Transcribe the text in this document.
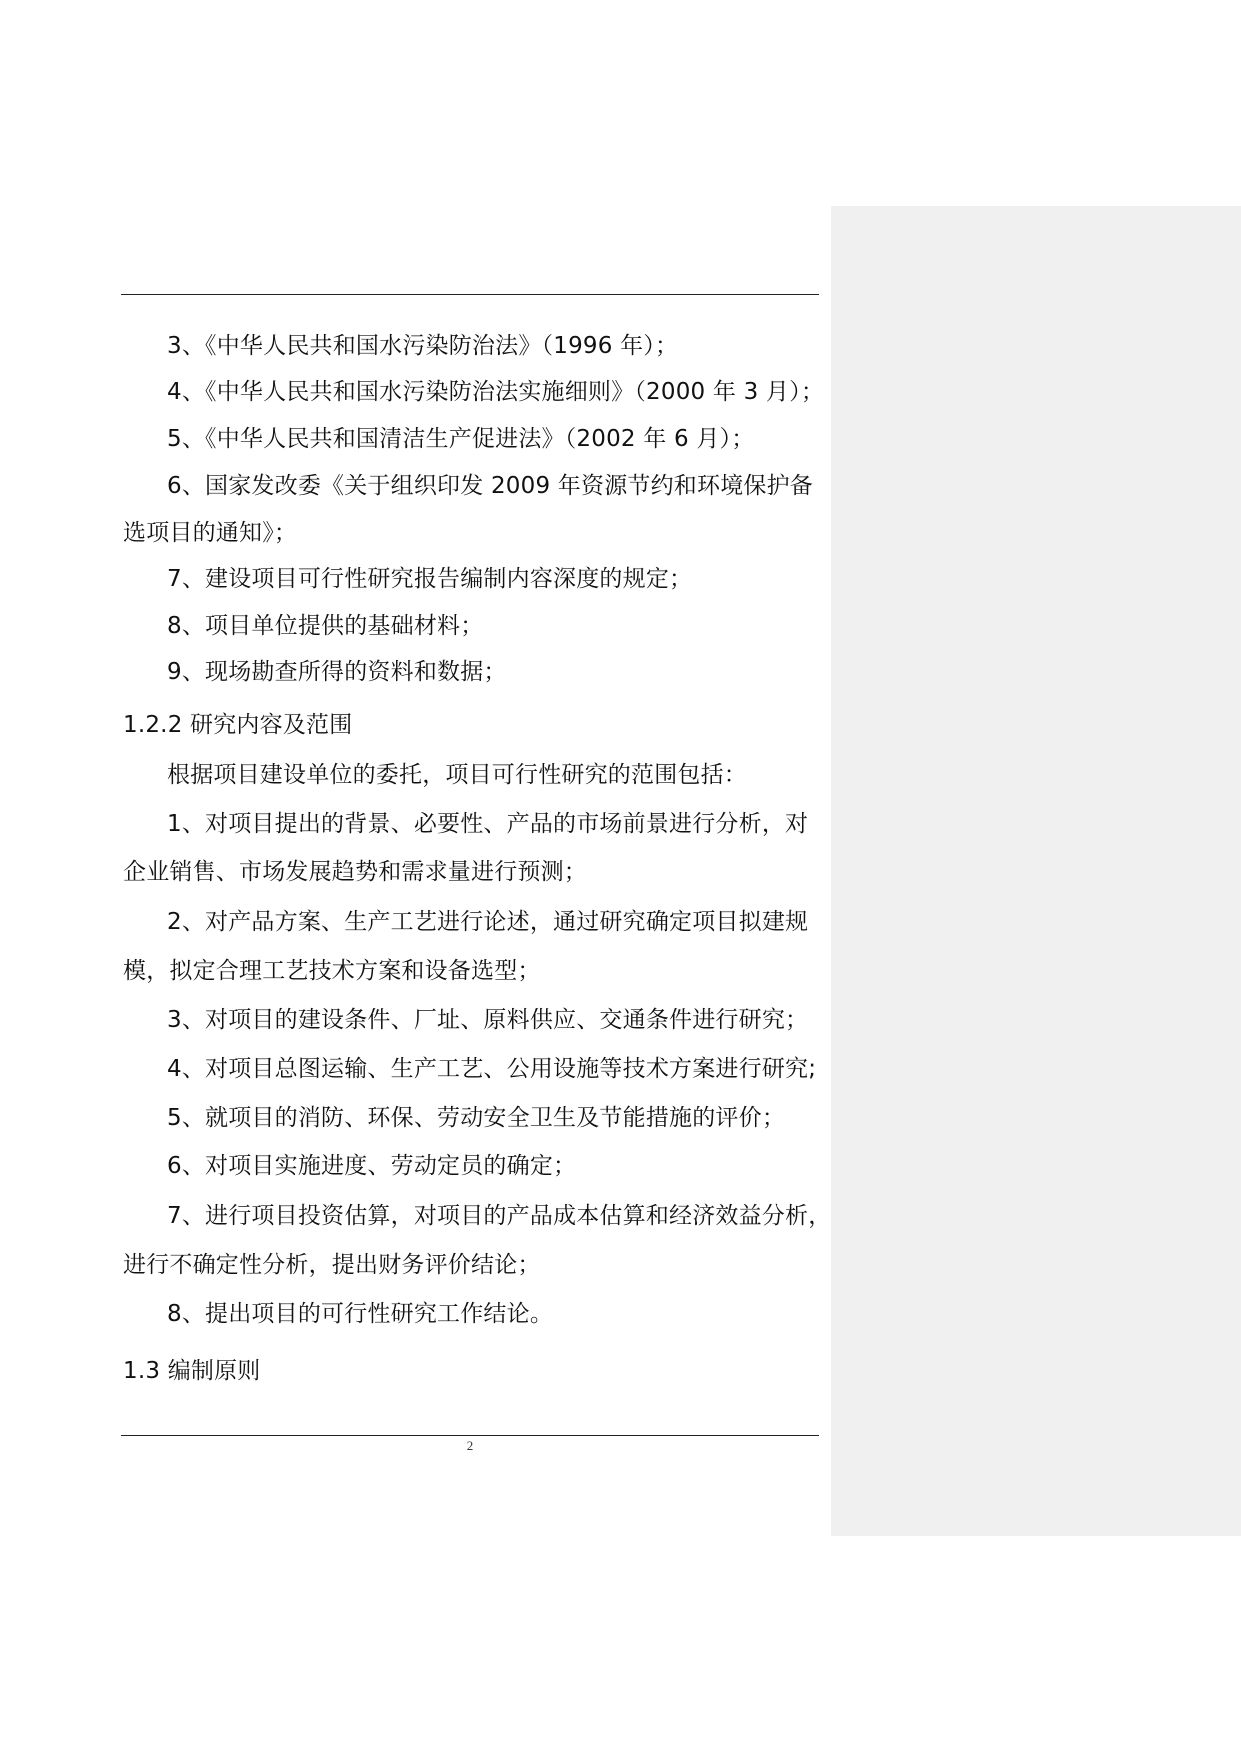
3、《中华人民共和国水污染防治法》（1996 年）；
4、《中华人民共和国水污染防治法实施细则》（2000 年 3 月）；
5、《中华人民共和国清洁生产促进法》（2002 年 6 月）；
6、国家发改委《关于组织印发 2009 年资源节约和环境保护备
选项目的通知》；
7、建设项目可行性研究报告编制内容深度的规定；
8、项目单位提供的基础材料；
9、现场勘查所得的资料和数据；
1.2.2 研究内容及范围
根据项目建设单位的委托，项目可行性研究的范围包括：
1、对项目提出的背景、必要性、产品的市场前景进行分析，对
企业销售、市场发展趋势和需求量进行预测；
2、对产品方案、生产工艺进行论述，通过研究确定项目拟建规
模，拟定合理工艺技术方案和设备选型；
3、对项目的建设条件、厂址、原料供应、交通条件进行研究；
4、对项目总图运输、生产工艺、公用设施等技术方案进行研究;
5、就项目的消防、环保、劳动安全卫生及节能措施的评价；
6、对项目实施进度、劳动定员的确定；
7、进行项目投资估算，对项目的产品成本估算和经济效益分析，
进行不确定性分析，提出财务评价结论；
8、提出项目的可行性研究工作结论。
1.3 编制原则
2
